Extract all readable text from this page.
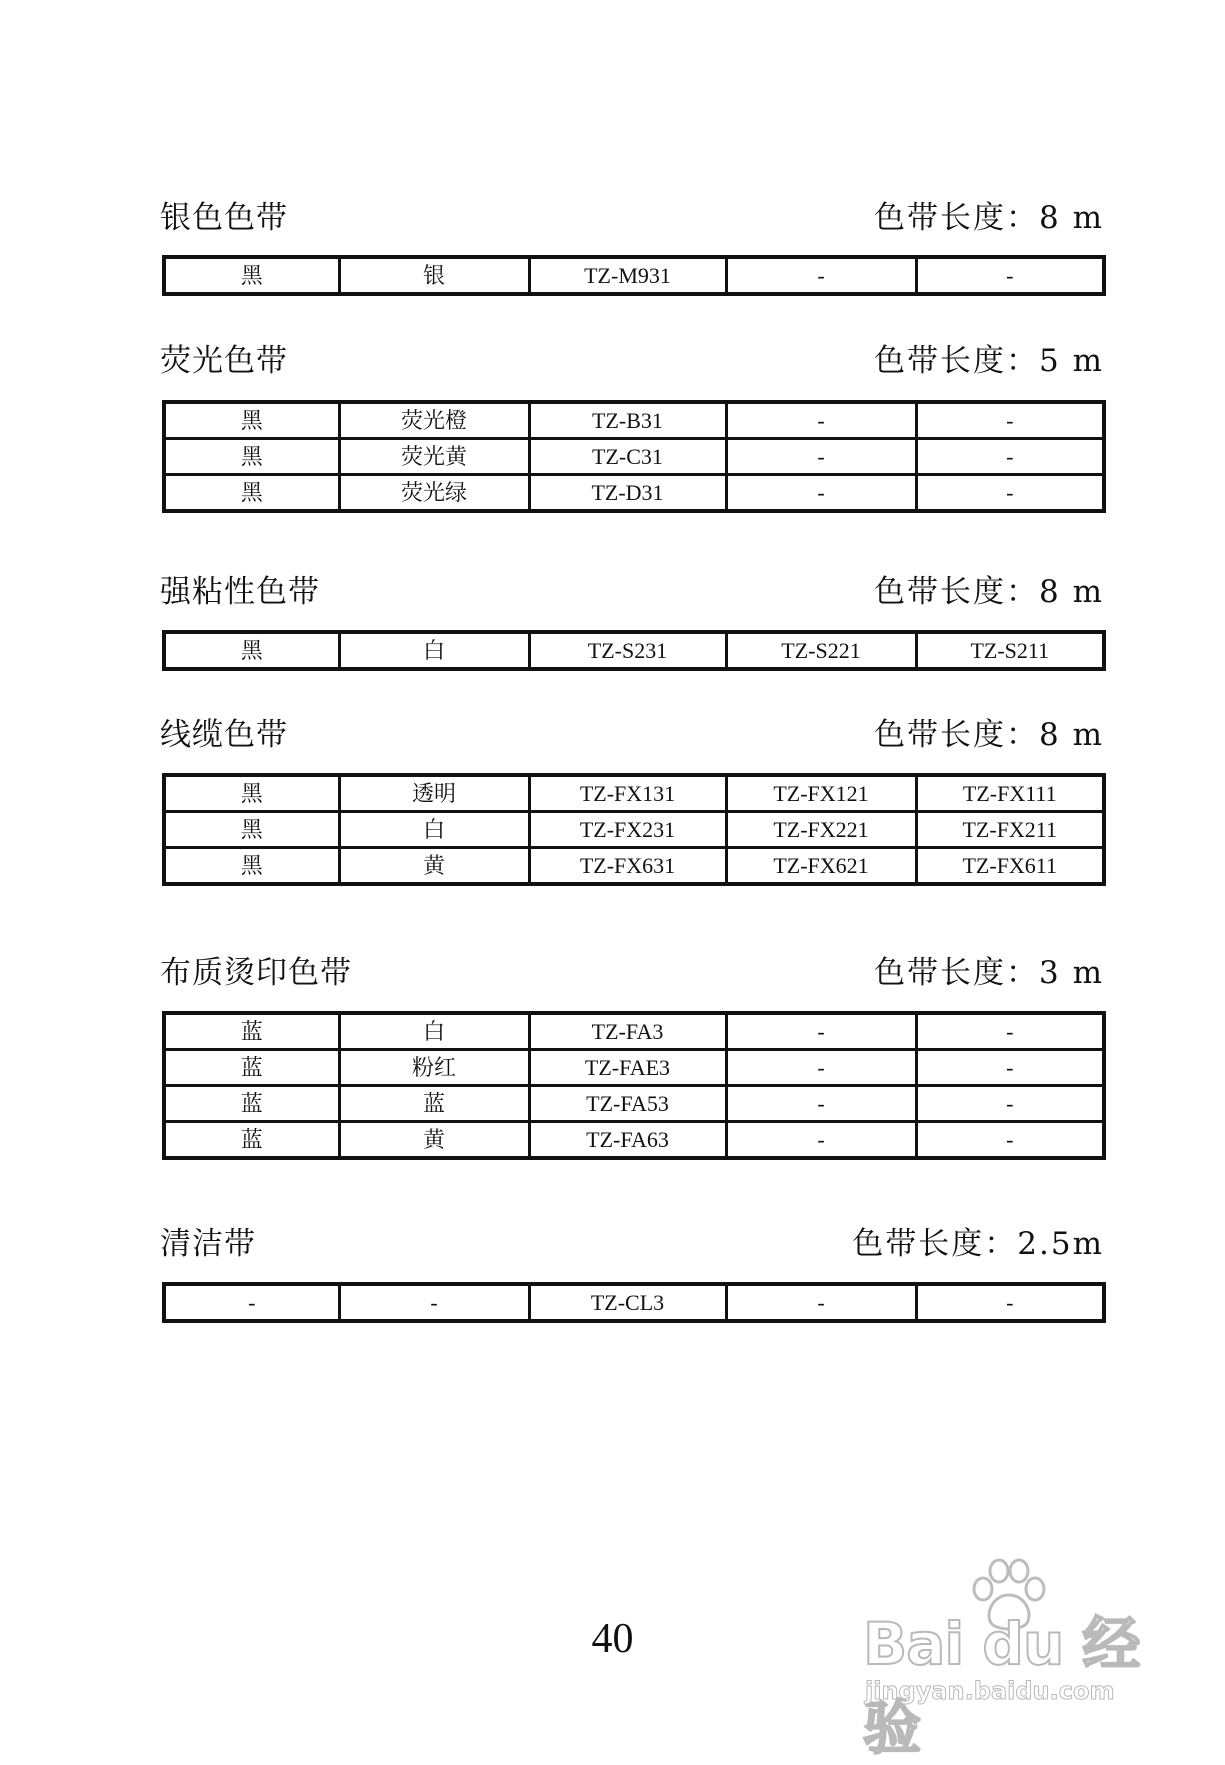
银色色带	色带长度：8 m
黑	银	TZ-M931	-	-
荧光色带	色带长度：5 m
黑	荧光橙	TZ-B31	-	-
黑	荧光黄	TZ-C31	-	-
黑	荧光绿	TZ-D31	-	-
强粘性色带	色带长度：8 m
黑	白	TZ-S231	TZ-S221	TZ-S211
线缆色带	色带长度：8 m
黑	透明	TZ-FX131	TZ-FX121	TZ-FX111
黑	白	TZ-FX231	TZ-FX221	TZ-FX211
黑	黄	TZ-FX631	TZ-FX621	TZ-FX611
布质烫印色带	色带长度：3 m
蓝	白	TZ-FA3	-	-
蓝	粉红	TZ-FAE3	-	-
蓝	蓝	TZ-FA53	-	-
蓝	黄	TZ-FA63	-	-
清洁带	色带长度：2.5m
-	-	TZ-CL3	-	-
40	Bai du 经验
jingyan.baidu.com
